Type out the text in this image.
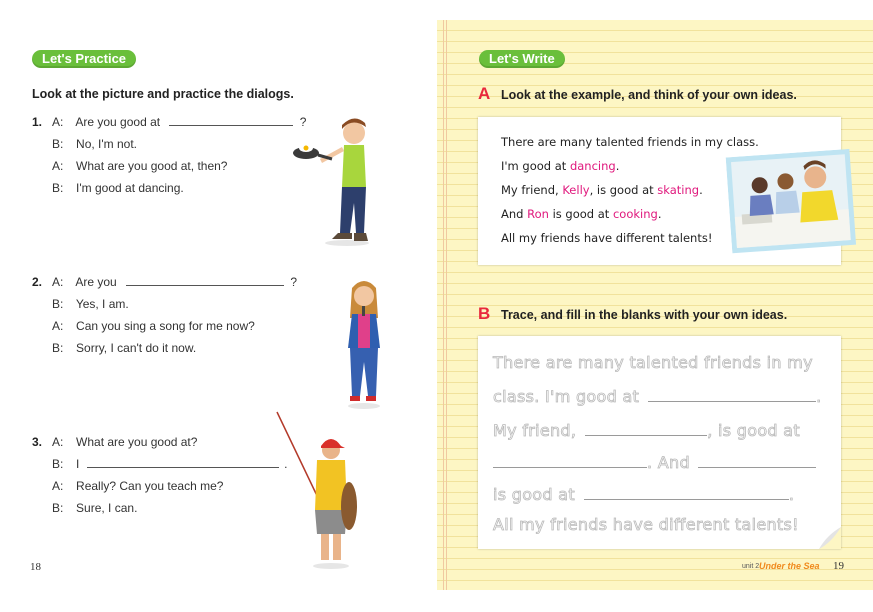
Let's Practice
Look at the picture and practice the dialogs.
1. A: Are you good at	?
B: No, I'm not.
A: What are you good at, then?
B: I'm good at dancing.
2. A: Are you	?
B: Yes, I am.
A: Can you sing a song for me now?
B: Sorry, I can't do it now.
3. A: What are you good at?
B: I	.
A: Really? Can you teach me?
B: Sure, I can.
18
Let's Write
A Look at the example, and think of your own ideas.
There are many talented friends in my class.
I'm good at dancing.
My friend, Kelly, is good at skating.
And Ron is good at cooking.
All my friends have different talents!
B Trace, and fill in the blanks with your own ideas.
There are many talented friends in my
class. I'm good at	.
My friend,	, is good at
. And
is good at	.
All my friends have different talents!
unit 2 Under the Sea 19
